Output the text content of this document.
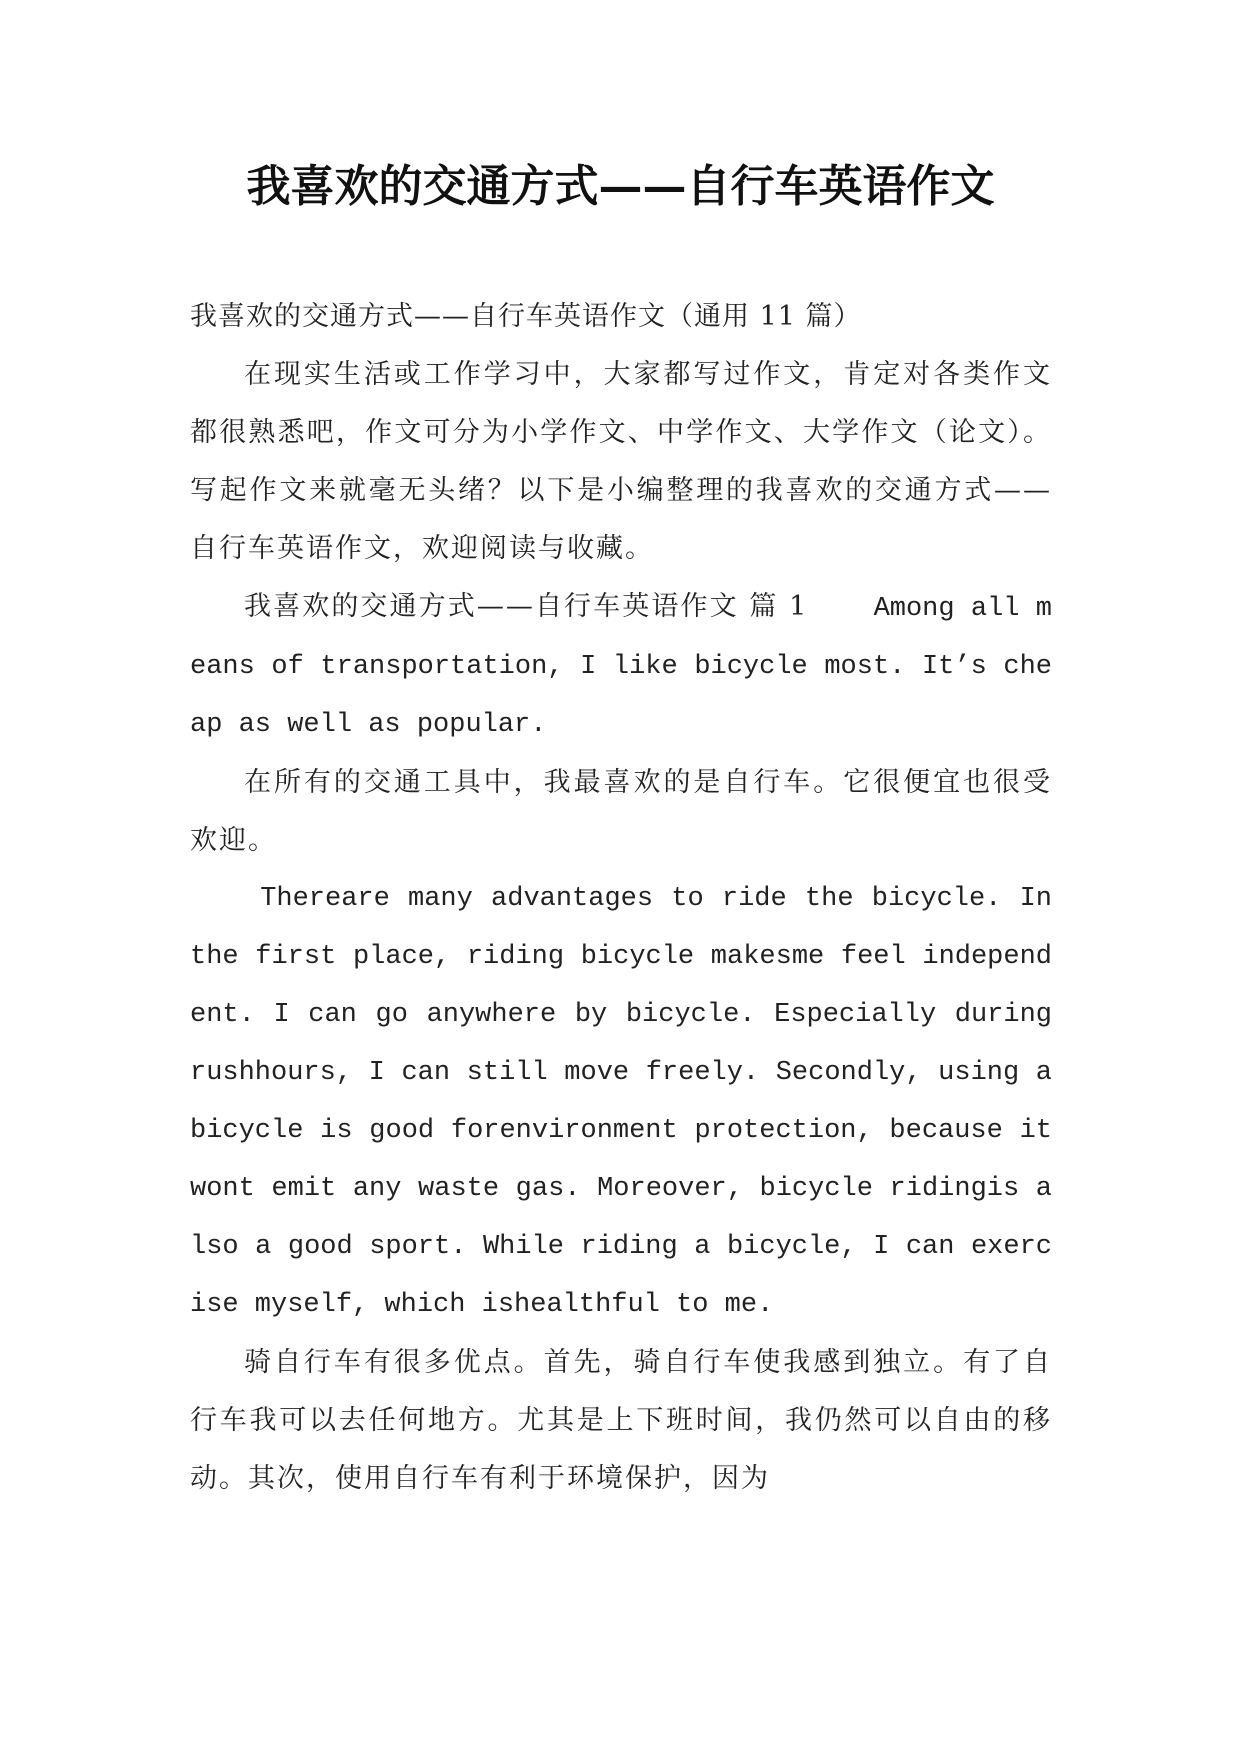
我喜欢的交通方式——自行车英语作文

我喜欢的交通方式——自行车英语作文（通用 11 篇）

在现实生活或工作学习中，大家都写过作文，肯定对各类作文都很熟悉吧，作文可分为小学作文、中学作文、大学作文（论文）。写起作文来就毫无头绪？以下是小编整理的我喜欢的交通方式——自行车英语作文，欢迎阅读与收藏。

我喜欢的交通方式——自行车英语作文 篇 1 Among all means of transportation, I like bicycle most. It’s cheap as well as popular.

在所有的交通工具中，我最喜欢的是自行车。它很便宜也很受欢迎。

Thereare many advantages to ride the bicycle. In the first place, riding bicycle makesme feel independent. I can go anywhere by bicycle. Especially during rushhours, I can still move freely. Secondly, using a bicycle is good forenvironment protection, because it wont emit any waste gas. Moreover, bicycle ridingis also a good sport. While riding a bicycle, I can exercise myself, which ishealthful to me.

骑自行车有很多优点。首先，骑自行车使我感到独立。有了自行车我可以去任何地方。尤其是上下班时间，我仍然可以自由的移动。其次，使用自行车有利于环境保护，因为
